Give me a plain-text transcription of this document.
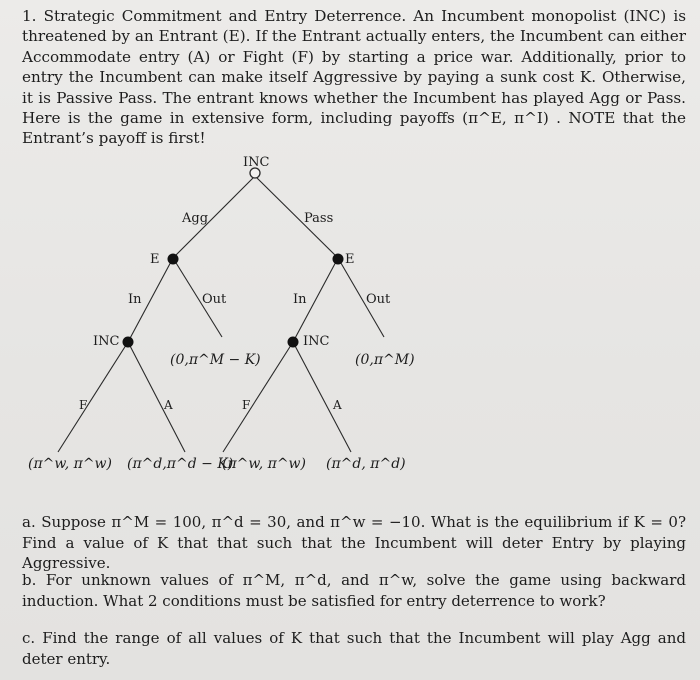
1. Strategic Commitment and Entry Deterrence. An Incumbent monopolist (INC) is threatened by an Entrant (E). If the Entrant actually enters, the Incumbent can either Accommodate entry (A) or Fight (F) by starting a price war. Additionally, prior to entry the Incumbent can make itself Aggressive by paying a sunk cost K. Otherwise, it is Passive Pass. The entrant knows whether the Incumbent has played Agg or Pass. Here is the game in extensive form, including payoffs (π^E, π^I) . NOTE that the Entrant’s payoff is first!

INC
Agg	Pass
E	E
In	Out	In	Out
INC	INC
F	A	F	A
(0,π^M − K)	(0,π^M)
(π^w, π^w) (π^d,π^d − K)
(π^w, π^w) (π^d, π^d)

a. Suppose π^M = 100, π^d = 30, and π^w = −10. What is the equilibrium if K = 0? Find a value of K that that such that the Incumbent will deter Entry by playing Aggressive.

b. For unknown values of π^M, π^d, and π^w, solve the game using backward induction. What 2 conditions must be satisfied for entry deterrence to work?

c. Find the range of all values of K that such that the Incumbent will play Agg and deter entry.
